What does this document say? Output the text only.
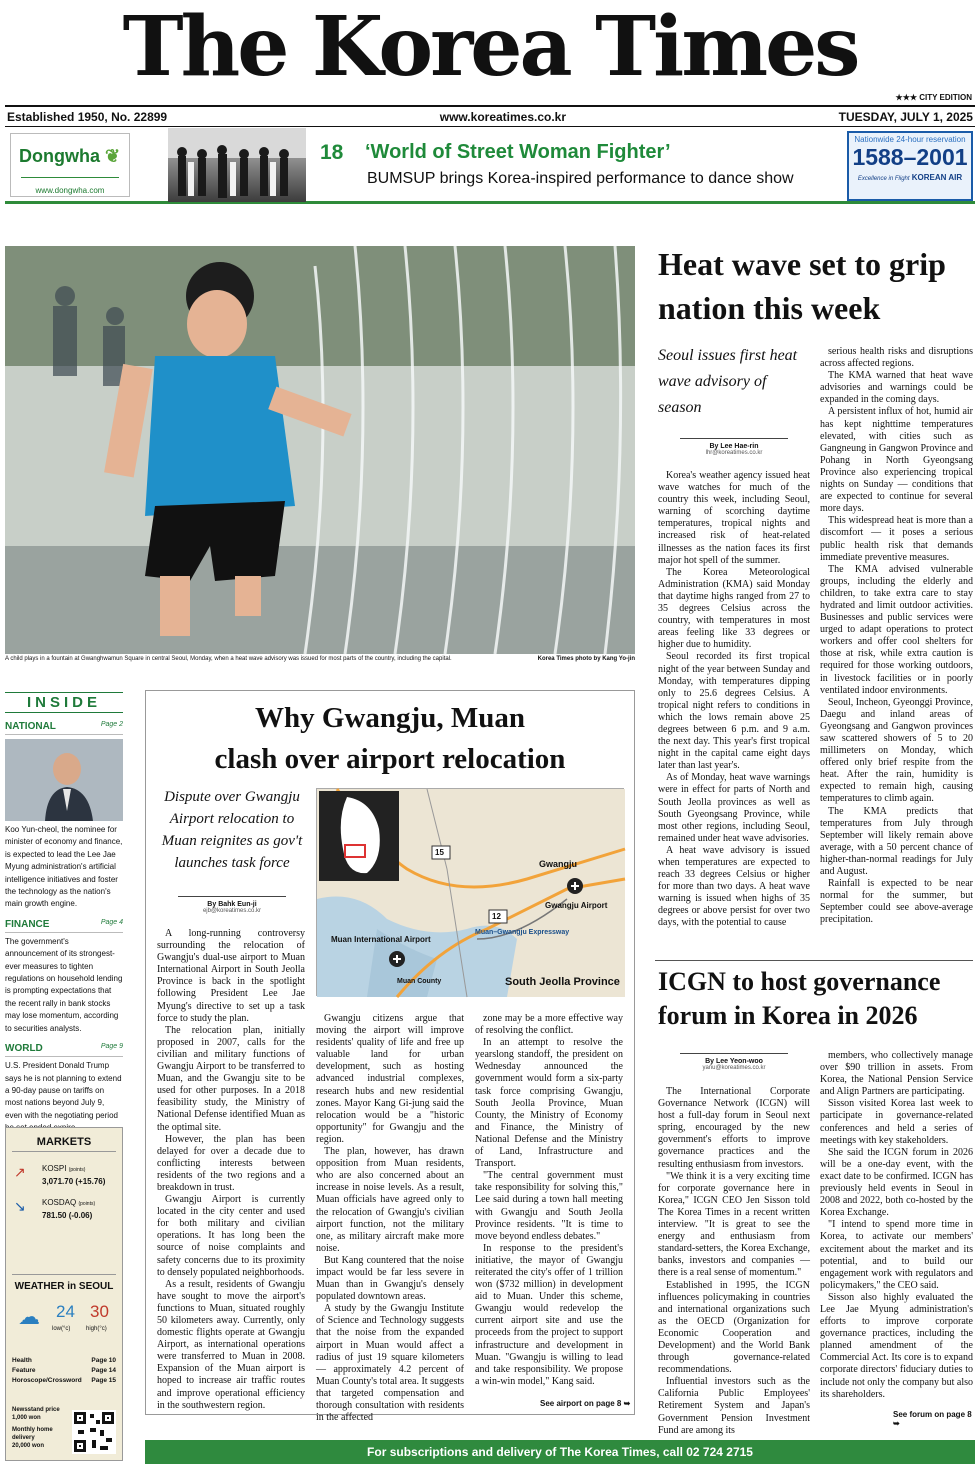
The Korea Times
★★★ CITY EDITION
Established 1950, No. 22899	www.koreatimes.co.kr	TUESDAY, JULY 1, 2025
Dongwha ❦
www.dongwha.com
18 ‘World of Street Woman Fighter’
BUMSUP brings Korea-inspired performance to dance show
Nationwide 24-hour reservation
1588–2001
Excellence in Flight KOREAN AIR
A child plays in a fountain at Gwanghwamun Square in central Seoul, Monday, when a heat wave advisory was issued for most parts of the country, including the capital.	Korea Times photo by Kang Yo-jin
Heat wave set to grip
nation this week
Seoul issues first heat wave advisory of season
By Lee Hae-rin
lhr@koreatimes.co.kr

Korea's weather agency issued heat wave watches for much of the country this week, including Seoul, warning of scorching daytime temperatures, tropical nights and increased risk of heat-related illnesses as the nation faces its first major hot spell of the summer.

The Korea Meteorological Administration (KMA) said Monday that daytime highs ranged from 27 to 35 degrees Celsius across the country, with temperatures in most areas feeling like 33 degrees or higher due to humidity.

Seoul recorded its first tropical night of the year between Sunday and Monday, with temperatures dipping only to 25.6 degrees Celsius. A tropical night refers to conditions in which the lows remain above 25 degrees between 6 p.m. and 9 a.m. the next day. This year's first tropical night in the capital came eight days later than last year's.

As of Monday, heat wave warnings were in effect for parts of North and South Jeolla provinces as well as South Gyeongsang Province, while most other regions, including Seoul, remained under heat wave advisories.

A heat wave advisory is issued when temperatures are expected to reach 33 degrees Celsius or higher for more than two days. A heat wave warning is issued when highs of 35 degrees or above persist for over two days, with the potential to cause

serious health risks and disruptions across affected regions.

The KMA warned that heat wave advisories and warnings could be expanded in the coming days.

A persistent influx of hot, humid air has kept nighttime temperatures elevated, with cities such as Gangneung in Gangwon Province and Pohang in North Gyeongsang Province also experiencing tropical nights on Sunday — conditions that are expected to continue for several more days.

This widespread heat is more than a discomfort — it poses a serious public health risk that demands immediate preventive measures.

The KMA advised vulnerable groups, including the elderly and children, to take extra care to stay hydrated and limit outdoor activities. Businesses and public services were urged to adapt operations to protect workers and offer cool shelters for those at risk, while extra caution is required for those working outdoors, in livestock facilities or in poorly ventilated indoor environments.

Seoul, Incheon, Gyeonggi Province, Daegu and inland areas of Gyeongsang and Gangwon provinces saw scattered showers of 5 to 20 millimeters on Monday, which offered only brief respite from the heat. After the rain, humidity is expected to remain high, causing temperatures to climb again.

The KMA predicts that temperatures from July through September will likely remain above average, with a 50 percent chance of higher-than-normal readings for July and August.

Rainfall is expected to be near normal for the summer, but September could see above-average precipitation.

INSIDE
NATIONAL	Page 2
Koo Yun-cheol, the nominee for minister of economy and finance, is expected to lead the Lee Jae Myung administration's artificial intelligence initiatives and foster the technology as the nation's main growth engine.
FINANCE	Page 4
The government's announcement of its strongest-ever measures to tighten regulations on household lending is prompting expectations that the recent rally in bank stocks may lose momentum, according to securities analysts.
WORLD	Page 9
U.S. President Donald Trump says he is not planning to extend a 90-day pause on tariffs on most nations beyond July 9, even with the negotiating period
MARKETS
↗ KOSPI (points)
3,071.70 (+15.76)
↘ KOSDAQ (points)
781.50 (-0.06)
WEATHER in SEOUL
☁ 24 30
low(°c)	high(°c)
Health	Page 10
Feature	Page 14
Horoscope/Crossword Page 15
Newsstand price
1,000 won
Monthly home delivery
20,000 won
Why Gwangju, Muan
clash over airport relocation
Dispute over Gwangju Airport relocation to Muan reignites as gov't launches task force
By Bahk Eun-ji
ejb@koreatimes.co.kr

A long-running controversy surrounding the relocation of Gwangju's dual-use airport to Muan International Airport in South Jeolla Province is back in the spotlight following President Lee Jae Myung's directive to set up a task force to study the plan.

The relocation plan, initially proposed in 2007, calls for the civilian and military functions of Gwangju Airport to be transferred to Muan, and the Gwangju site to be used for other purposes. In a 2018 feasibility study, the Ministry of National Defense identified Muan as the optimal site.

However, the plan has been delayed for over a decade due to conflicting interests between residents of the two regions and a breakdown in trust.

Gwangju Airport is currently located in the city center and used for both military and civilian operations. It has long been the source of noise complaints and safety concerns due to its proximity to densely populated neighborhoods.

As a result, residents of Gwangju have sought to move the airport's functions to Muan, situated roughly 50 kilometers away. Currently, only domestic flights operate at Gwangju Airport, as international operations were transferred to Muan in 2008. Expansion of the Muan airport is hoped to increase air traffic routes and improve operational efficiency in the southwestern region.

Gwangju citizens argue that moving the airport will improve residents' quality of life and free up valuable land for urban development, such as hosting advanced industrial complexes, research hubs and new residential zones. Mayor Kang Gi-jung said the relocation would be a "historic opportunity" for Gwangju and the region.

The plan, however, has drawn opposition from Muan residents, who are also concerned about an increase in noise levels. As a result, Muan officials have agreed only to the relocation of Gwangju's civilian airport function, not the military one, as military aircraft make more noise.

But Kang countered that the noise impact would be far less severe in Muan than in Gwangju's densely populated downtown areas.

A study by the Gwangju Institute of Science and Technology suggests that the noise from the expanded airport in Muan would affect a radius of just 19 square kilometers — approximately 4.2 percent of Muan County's total area. It suggests that targeted compensation and thorough consultation with residents in the affected

zone may be a more effective way of resolving the conflict.

In an attempt to resolve the yearslong standoff, the president on Wednesday announced the government would form a six-party task force comprising Gwangju, South Jeolla Province, Muan County, the Ministry of Economy and Finance, the Ministry of National Defense and the Ministry of Land, Infrastructure and Transport.

"The central government must take responsibility for solving this," Lee said during a town hall meeting with Gwangju and South Jeolla Province residents. "It is time to move beyond endless debates."

In response to the president's initiative, the mayor of Gwangju reiterated the city's offer of 1 trillion won ($732 million) in development aid to Muan. Under this scheme, Gwangju would redevelop the current airport site and use the proceeds from the project to support infrastructure and development in Muan. "Gwangju is willing to lead and take responsibility. We propose a win-win model," Kang said.

See airport on page 8 ➥
15
12
Gwangju
Gwangju Airport
Muan International Airport
Muan–Gwangju Expressway
Muan County	South Jeolla Province ICGN to host governance
forum in Korea in 2026
By Lee Yeon-woo
yanu@koreatimes.co.kr

The International Corporate Governance Network (ICGN) will host a full-day forum in Seoul next spring, encouraged by the new government's efforts to improve governance practices and the resulting enthusiasm from investors.

"We think it is a very exciting time for corporate governance here in Korea," ICGN CEO Jen Sisson told The Korea Times in a recent written interview. "It is great to see the energy and enthusiasm from standard-setters, the Korea Exchange, banks, investors and companies — there is a real sense of momentum."

Established in 1995, the ICGN influences policymaking in countries and international organizations such as the OECD (Organization for Economic Cooperation and Development) and the World Bank through governance-related recommendations.

Influential investors such as the California Public Employees' Retirement System and Japan's Government Pension Investment Fund are among its

members, who collectively manage over $90 trillion in assets. From Korea, the National Pension Service and Align Partners are participating.

Sisson visited Korea last week to participate in governance-related conferences and held a series of meetings with key stakeholders.

She said the ICGN forum in 2026 will be a one-day event, with the exact date to be confirmed. ICGN has previously held events in Seoul in 2008 and 2022, both co-hosted by the Korea Exchange.

"I intend to spend more time in Korea, to activate our members' excitement about the market and its potential, and to build our engagement work with regulators and policymakers," the CEO said.

Sisson also highly evaluated the Lee Jae Myung administration's efforts to improve corporate governance practices, including the planned amendment of the Commercial Act. Its core is to expand corporate directors' fiduciary duties to include not only the company but also its shareholders.

See forum on page 8 ➥
For subscriptions and delivery of The Korea Times, call 02 724 2715
